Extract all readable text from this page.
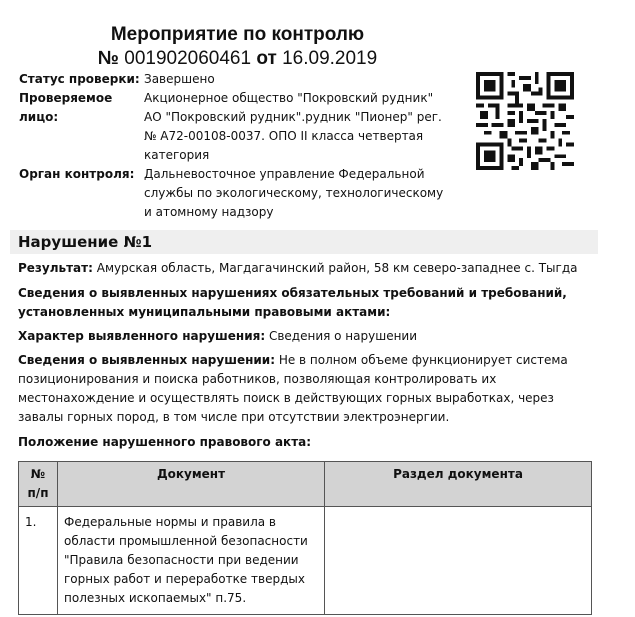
Мероприятие по контролю
№ 001902060461 от 16.09.2019
Статус проверки: Завершено
Проверяемое лицо:
Акционерное общество "Покровский рудник" АО "Покровский рудник".рудник "Пионер" рег. № А72-00108-0037. ОПО II класса четвертая категория
Орган контроля: Дальневосточное управление Федеральной службы по экологическому, технологическому и атомному надзору
Нарушение №1
Результат: Амурская область, Магдагачинский район, 58 км северо-западнее с. Тыгда
Сведения о выявленных нарушениях обязательных требований и требований, установленных муниципальными правовыми актами:
Характер выявленного нарушения: Сведения о нарушении
Сведения о выявленных нарушении: Не в полном объеме функционирует система позиционирования и поиска работников, позволяющая контролировать их местонахождение и осуществлять поиск в действующих горных выработках, через завалы горных пород, в том числе при отсутствии электроэнергии.
Положение нарушенного правового акта:
№ п/п	Документ	Раздел документа
1.	Федеральные нормы и правила в области промышленной безопасности "Правила безопасности при ведении горных работ и переработке твердых полезных ископаемых" п.75.	
